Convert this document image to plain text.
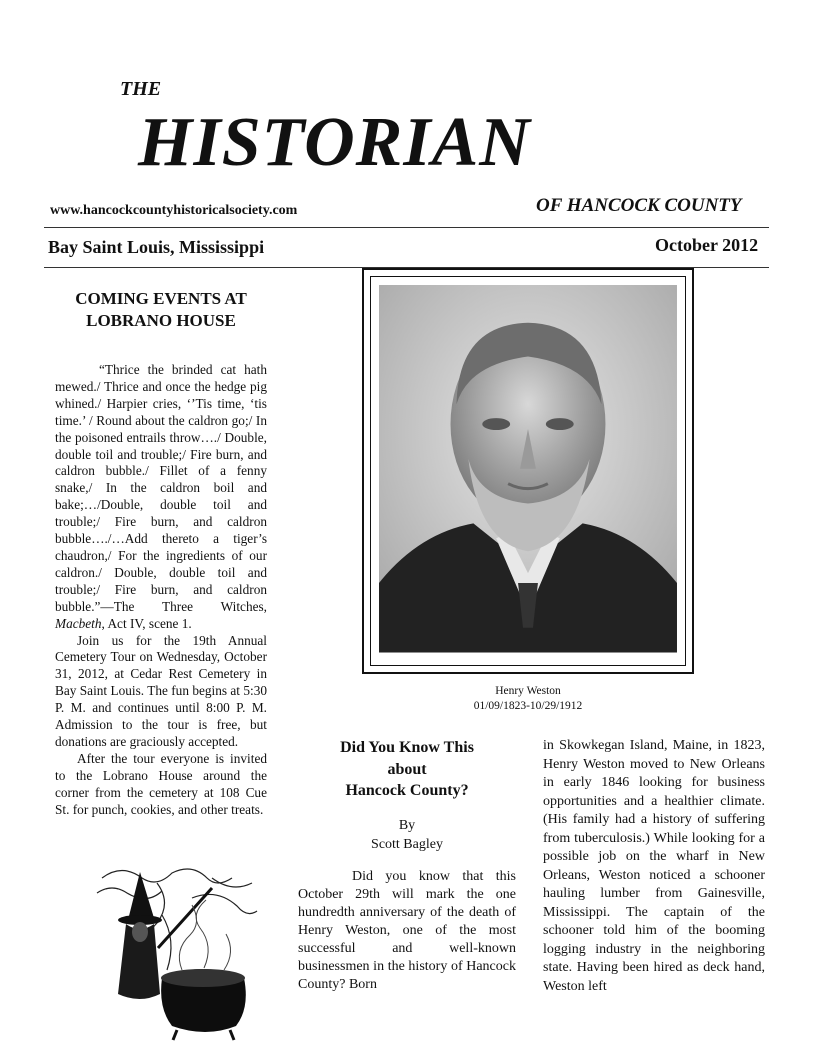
THE
HISTORIAN
www.hancockcountyhistoricalsociety.com	OF HANCOCK COUNTY
Bay Saint Louis, Mississippi	October 2012
COMING EVENTS AT
LOBRANO HOUSE

“Thrice the brinded cat hath mewed./ Thrice and once the hedge pig whined./ Harpier cries, ‘’Tis time, ‘tis time.’ / Round about the caldron go;/ In the poisoned entrails throw…./ Double, double toil and trouble;/ Fire burn, and caldron bubble./ Fillet of a fenny snake,/ In the caldron boil and bake;…/Double, double toil and trouble;/ Fire burn, and caldron bubble…./…Add thereto a tiger’s chaudron,/ For the ingredients of our caldron./ Double, double toil and trouble;/ Fire burn, and caldron bubble.”—The Three Witches, Macbeth, Act IV, scene 1.

Join us for the 19th Annual Cemetery Tour on Wednesday, October 31, 2012, at Cedar Rest Cemetery in Bay Saint Louis. The fun begins at 5:30 P. M. and continues until 8:00 P. M. Admission to the tour is free, but donations are graciously accepted.

After the tour everyone is invited to the Lobrano House around the corner from the cemetery at 108 Cue St. for punch, cookies, and other treats.

Henry Weston
01/09/1823-10/29/1912
Did You Know This
about
Hancock County?
By
Scott Bagley

Did you know that this October 29th will mark the one hundredth anniversary of the death of Henry Weston, one of the most successful and well-known businessmen in the history of Hancock County? Born

in Skowkegan Island, Maine, in 1823, Henry Weston moved to New Orleans in early 1846 looking for business opportunities and a healthier climate. (His family had a history of suffering from tuberculosis.) While looking for a possible job on the wharf in New Orleans, Weston noticed a schooner hauling lumber from Gainesville, Mississippi. The captain of the schooner told him of the booming logging industry in the neighboring state. Having been hired as deck hand, Weston left
